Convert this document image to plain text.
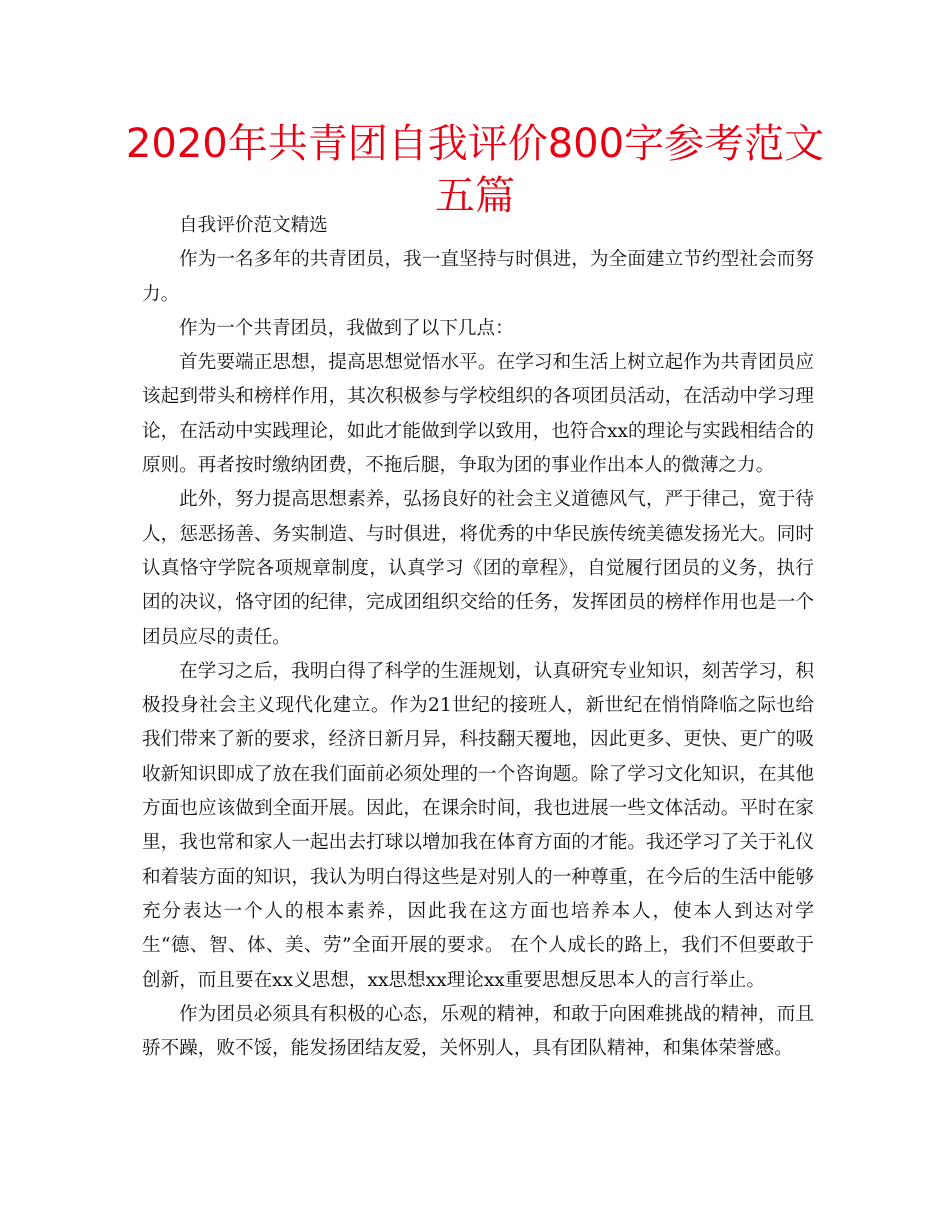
2020年共青团自我评价800字参考范文五篇

自我评价范文精选

作为一名多年的共青团员，我一直坚持与时俱进，为全面建立节约型社会而努力。

作为一个共青团员，我做到了以下几点：

首先要端正思想，提高思想觉悟水平。在学习和生活上树立起作为共青团员应该起到带头和榜样作用，其次积极参与学校组织的各项团员活动，在活动中学习理论，在活动中实践理论，如此才能做到学以致用，也符合xx的理论与实践相结合的原则。再者按时缴纳团费，不拖后腿，争取为团的事业作出本人的微薄之力。

此外，努力提高思想素养，弘扬良好的社会主义道德风气，严于律己，宽于待人，惩恶扬善、务实制造、与时俱进，将优秀的中华民族传统美德发扬光大。同时认真恪守学院各项规章制度，认真学习《团的章程》，自觉履行团员的义务，执行团的决议，恪守团的纪律，完成团组织交给的任务，发挥团员的榜样作用也是一个团员应尽的责任。

在学习之后，我明白得了科学的生涯规划，认真研究专业知识，刻苦学习，积极投身社会主义现代化建立。作为21世纪的接班人，新世纪在悄悄降临之际也给我们带来了新的要求，经济日新月异，科技翻天覆地，因此更多、更快、更广的吸收新知识即成了放在我们面前必须处理的一个咨询题。除了学习文化知识，在其他方面也应该做到全面开展。因此，在课余时间，我也进展一些文体活动。平时在家里，我也常和家人一起出去打球以增加我在体育方面的才能。我还学习了关于礼仪和着装方面的知识，我认为明白得这些是对别人的一种尊重，在今后的生活中能够充分表达一个人的根本素养，因此我在这方面也培养本人，使本人到达对学生“德、智、体、美、劳”全面开展的要求。 在个人成长的路上，我们不但要敢于创新，而且要在xx义思想，xx思想xx理论xx重要思想反思本人的言行举止。

作为团员必须具有积极的心态，乐观的精神，和敢于向困难挑战的精神，而且骄不躁，败不馁，能发扬团结友爱，关怀别人，具有团队精神，和集体荣誉感。
